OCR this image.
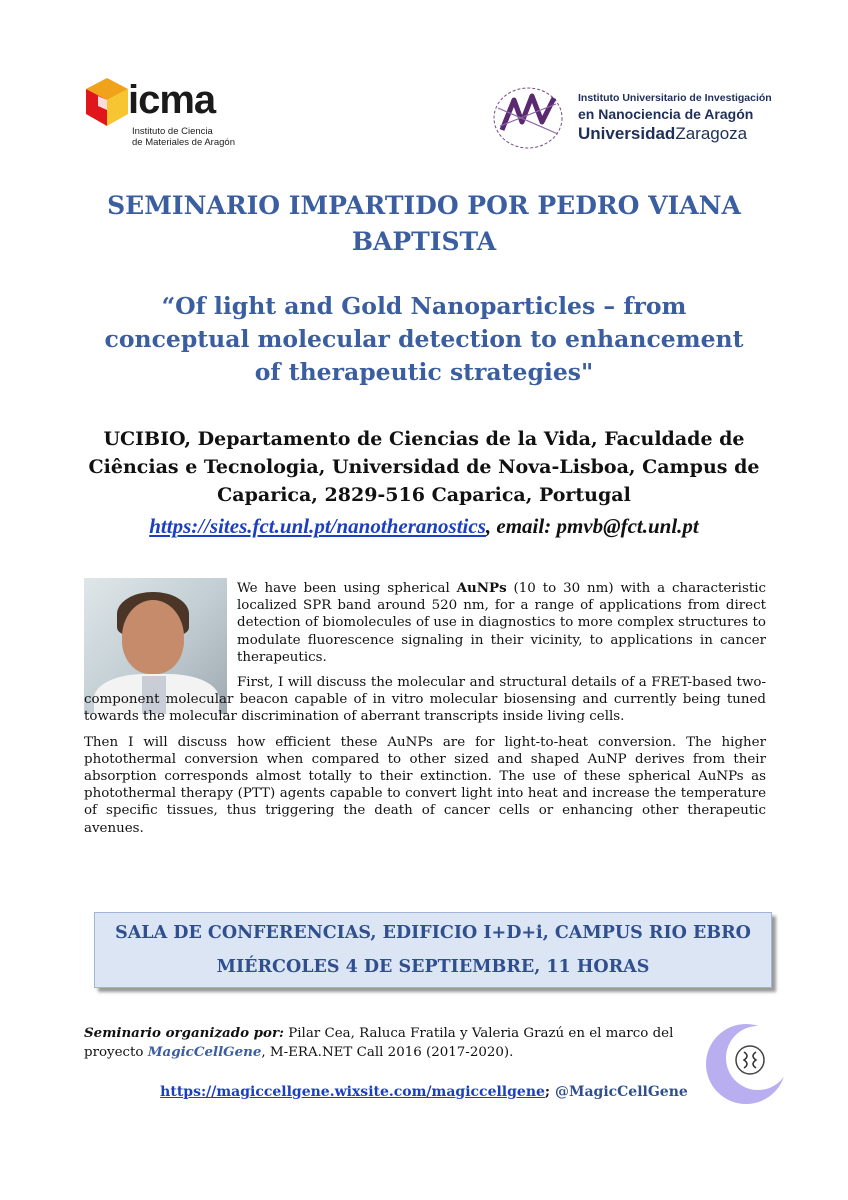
icma
Instituto de Ciencia
de Materiales de Aragón
Instituto Universitario de Investigación
en Nanociencia de Aragón
UniversidadZaragoza
SEMINARIO IMPARTIDO POR PEDRO VIANA
BAPTISTA
“Of light and Gold Nanoparticles – from
conceptual molecular detection to enhancement
of therapeutic strategies"
UCIBIO, Departamento de Ciencias de la Vida, Faculdade de
Ciências e Tecnologia, Universidad de Nova-Lisboa, Campus de
Caparica, 2829-516 Caparica, Portugal
https://sites.fct.unl.pt/nanotheranostics, email: pmvb@fct.unl.pt

We have been using spherical AuNPs (10 to 30 nm) with a characteristic localized SPR band around 520 nm, for a range of applications from direct detection of biomolecules of use in diagnostics to more complex structures to modulate fluorescence signaling in their vicinity, to applications in cancer therapeutics.

First, I will discuss the molecular and structural details of a FRET-based two-component molecular beacon capable of in vitro molecular biosensing and currently being tuned towards the molecular discrimination of aberrant transcripts inside living cells.

Then I will discuss how efficient these AuNPs are for light-to-heat conversion. The higher photothermal conversion when compared to other sized and shaped AuNP derives from their absorption corresponds almost totally to their extinction. The use of these spherical AuNPs as photothermal therapy (PTT) agents capable to convert light into heat and increase the temperature of specific tissues, thus triggering the death of cancer cells or enhancing other therapeutic avenues.

SALA DE CONFERENCIAS, EDIFICIO I+D+i, CAMPUS RIO EBRO
MIÉRCOLES 4 DE SEPTIEMBRE, 11 HORAS
Seminario organizado por: Pilar Cea, Raluca Fratila y Valeria Grazú en el marco del proyecto MagicCellGene, M-ERA.NET Call 2016 (2017-2020).
https://magiccellgene.wixsite.com/magiccellgene; @MagicCellGene
